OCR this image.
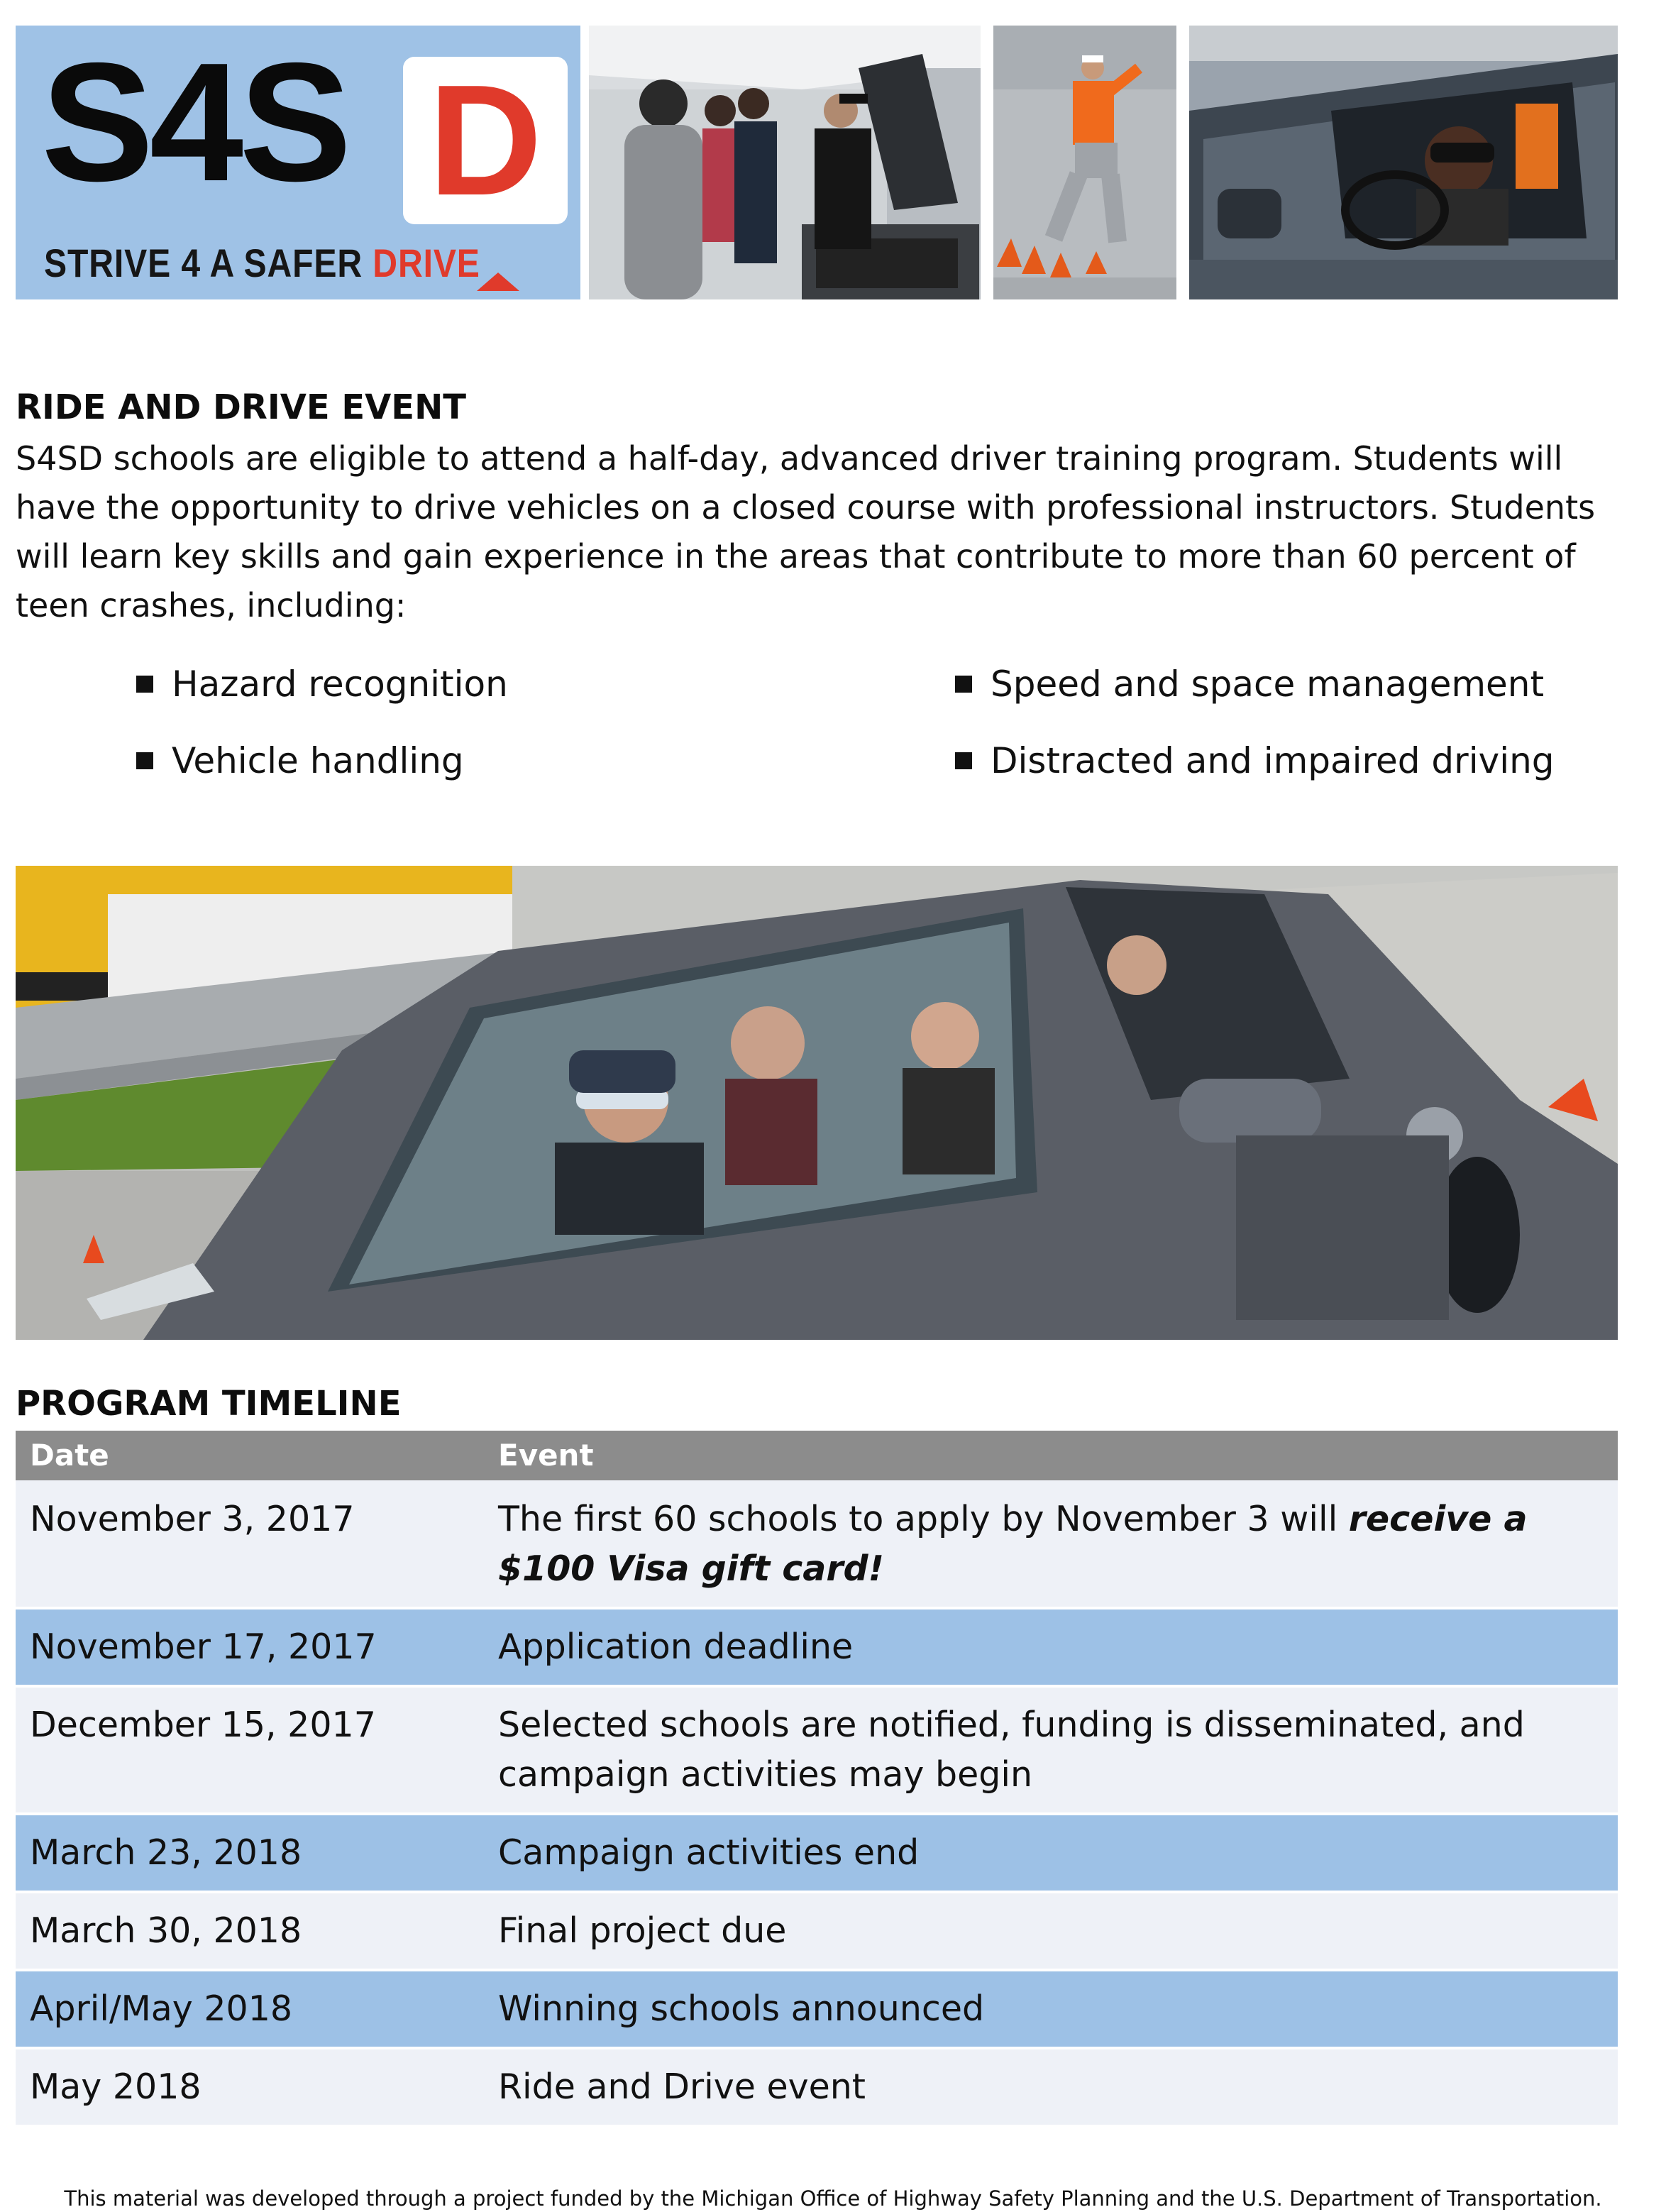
S4S D
STRIVE 4 A SAFER DRIVE
RIDE AND DRIVE EVENT
S4SD schools are eligible to attend a half-day, advanced driver training program. Students will have the opportunity to drive vehicles on a closed course with professional instructors. Students will learn key skills and gain experience in the areas that contribute to more than 60 percent of teen crashes, including:
Hazard recognition	Speed and space management
Vehicle handling	Distracted and impaired driving
PROGRAM TIMELINE
Date	Event
November 3, 2017	The first 60 schools to apply by November 3 will receive a $100 Visa gift card!
November 17, 2017	Application deadline
December 15, 2017	Selected schools are notified, funding is disseminated, and campaign activities may begin
March 23, 2018	Campaign activities end
March 30, 2018	Final project due
April/May 2018	Winning schools announced
May 2018	Ride and Drive event
This material was developed through a project funded by the Michigan Office of Highway Safety Planning and the U.S. Department of Transportation.
